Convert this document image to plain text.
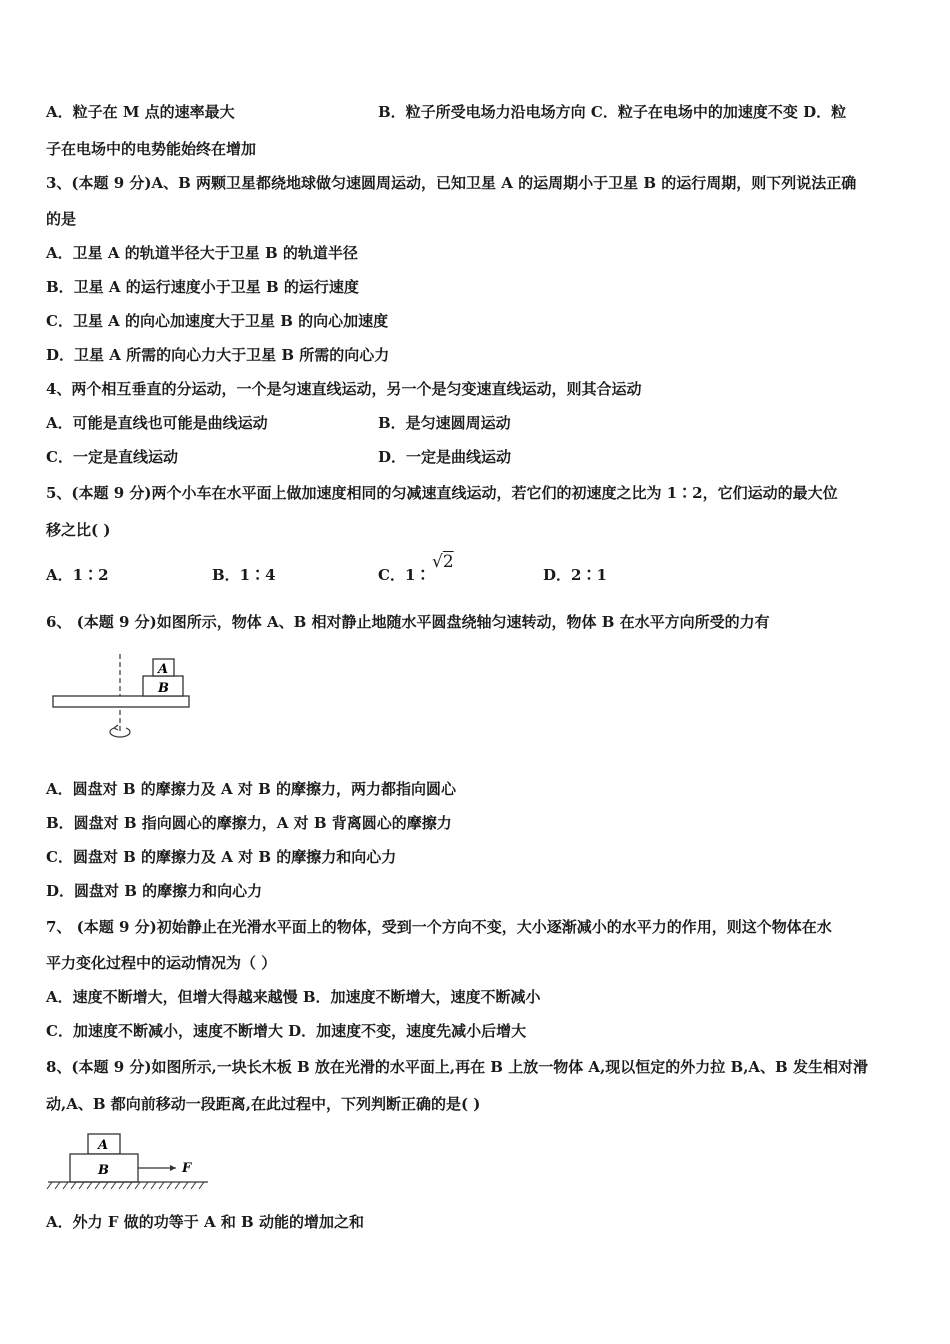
A．粒子在 M 点的速率最大	B．粒子所受电场力沿电场方向 C．粒子在电场中的加速度不变 D．粒
子在电场中的电势能始终在增加
3、(本题 9 分)A、B 两颗卫星都绕地球做匀速圆周运动，已知卫星 A 的运周期小于卫星 B 的运行周期，则下列说法正确
的是
A．卫星 A 的轨道半径大于卫星 B 的轨道半径
B．卫星 A 的运行速度小于卫星 B 的运行速度
C．卫星 A 的向心加速度大于卫星 B 的向心加速度
D．卫星 A 所需的向心力大于卫星 B 所需的向心力
4、两个相互垂直的分运动，一个是匀速直线运动，另一个是匀变速直线运动，则其合运动
A．可能是直线也可能是曲线运动	B．是匀速圆周运动
C．一定是直线运动	D．一定是曲线运动
5、(本题 9 分)两个小车在水平面上做加速度相同的匀减速直线运动，若它们的初速度之比为 1∶2，它们运动的最大位
移之比( )
A．1∶2	B．1∶4	C．1∶
√2
D．2∶1
6、 (本题 9 分)如图所示，物体 A、B 相对静止地随水平圆盘绕轴匀速转动，物体 B 在水平方向所受的力有
A
B
A．圆盘对 B 的摩擦力及 A 对 B 的摩擦力，两力都指向圆心
B．圆盘对 B 指向圆心的摩擦力，A 对 B 背离圆心的摩擦力
C．圆盘对 B 的摩擦力及 A 对 B 的摩擦力和向心力
D．圆盘对 B 的摩擦力和向心力
7、 (本题 9 分)初始静止在光滑水平面上的物体，受到一个方向不变，大小逐渐减小的水平力的作用，则这个物体在水
平力变化过程中的运动情况为（ ）
A．速度不断增大，但增大得越来越慢 B．加速度不断增大，速度不断减小
C．加速度不断减小，速度不断增大 D．加速度不变，速度先减小后增大
8、(本题 9 分)如图所示,一块长木板 B 放在光滑的水平面上,再在 B 上放一物体 A,现以恒定的外力拉 B,A、B 发生相对滑
动,A、B 都向前移动一段距离,在此过程中，下列判断正确的是( )
A
B	F
A．外力 F 做的功等于 A 和 B 动能的增加之和
